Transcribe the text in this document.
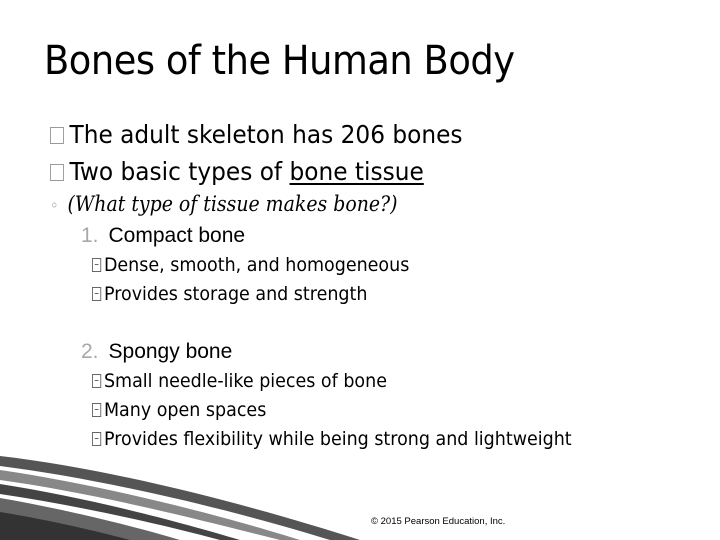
Bones of the Human Body
The adult skeleton has 206 bones
Two basic types of bone tissue
◦ (What type of tissue makes bone?)
1. Compact bone
Dense, smooth, and homogeneous
Provides storage and strength
2. Spongy bone
Small needle-like pieces of bone
Many open spaces
Provides flexibility while being strong and lightweight
© 2015 Pearson Education, Inc.
